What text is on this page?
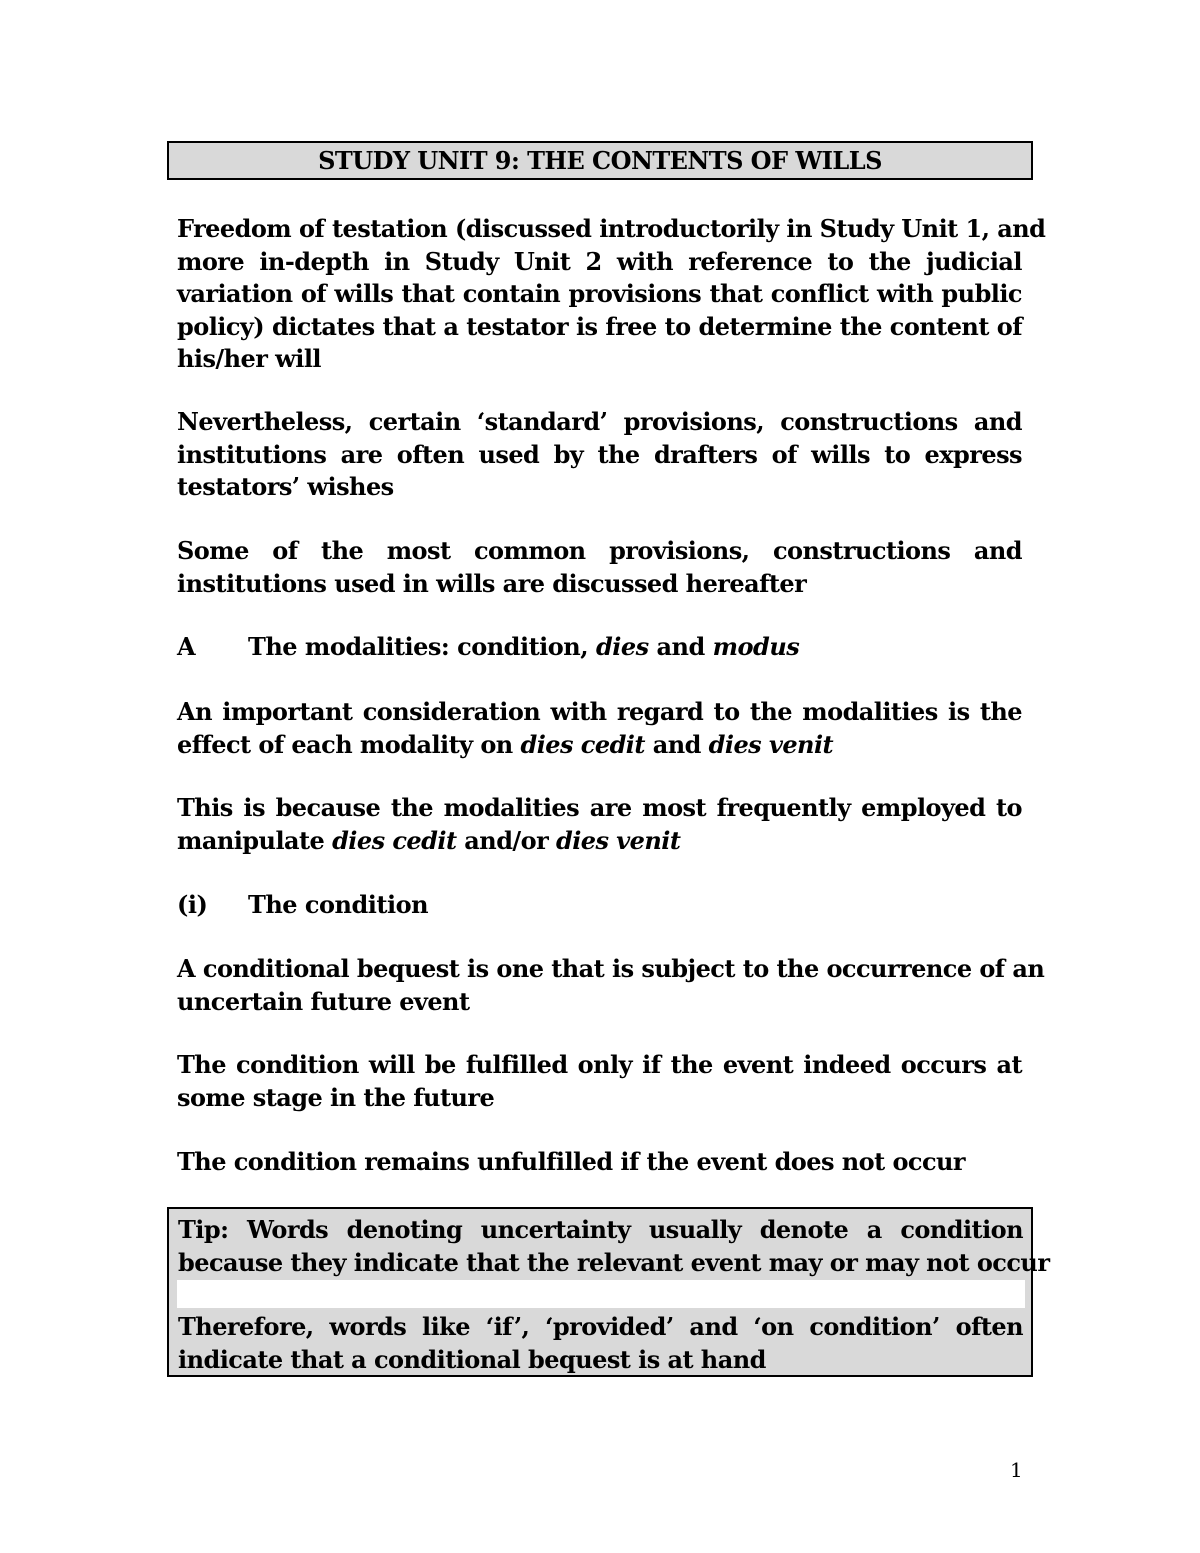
STUDY UNIT 9: THE CONTENTS OF WILLS
Freedom of testation (discussed introductorily in Study Unit 1, and
more in-depth in Study Unit 2 with reference to the judicial
variation of wills that contain provisions that conflict with public
policy) dictates that a testator is free to determine the content of
his/her will
Nevertheless, certain ‘standard’ provisions, constructions and
institutions are often used by the drafters of wills to express
testators’ wishes
Some of the most common provisions, constructions and
institutions used in wills are discussed hereafter
A The modalities: condition, dies and modus
An important consideration with regard to the modalities is the
effect of each modality on dies cedit and dies venit
This is because the modalities are most frequently employed to
manipulate dies cedit and/or dies venit
(i) The condition
A conditional bequest is one that is subject to the occurrence of an
uncertain future event
The condition will be fulfilled only if the event indeed occurs at
some stage in the future
The condition remains unfulfilled if the event does not occur
Tip: Words denoting uncertainty usually denote a condition
because they indicate that the relevant event may or may not occur
Therefore, words like ‘if’, ‘provided’ and ‘on condition’ often
indicate that a conditional bequest is at hand
1
